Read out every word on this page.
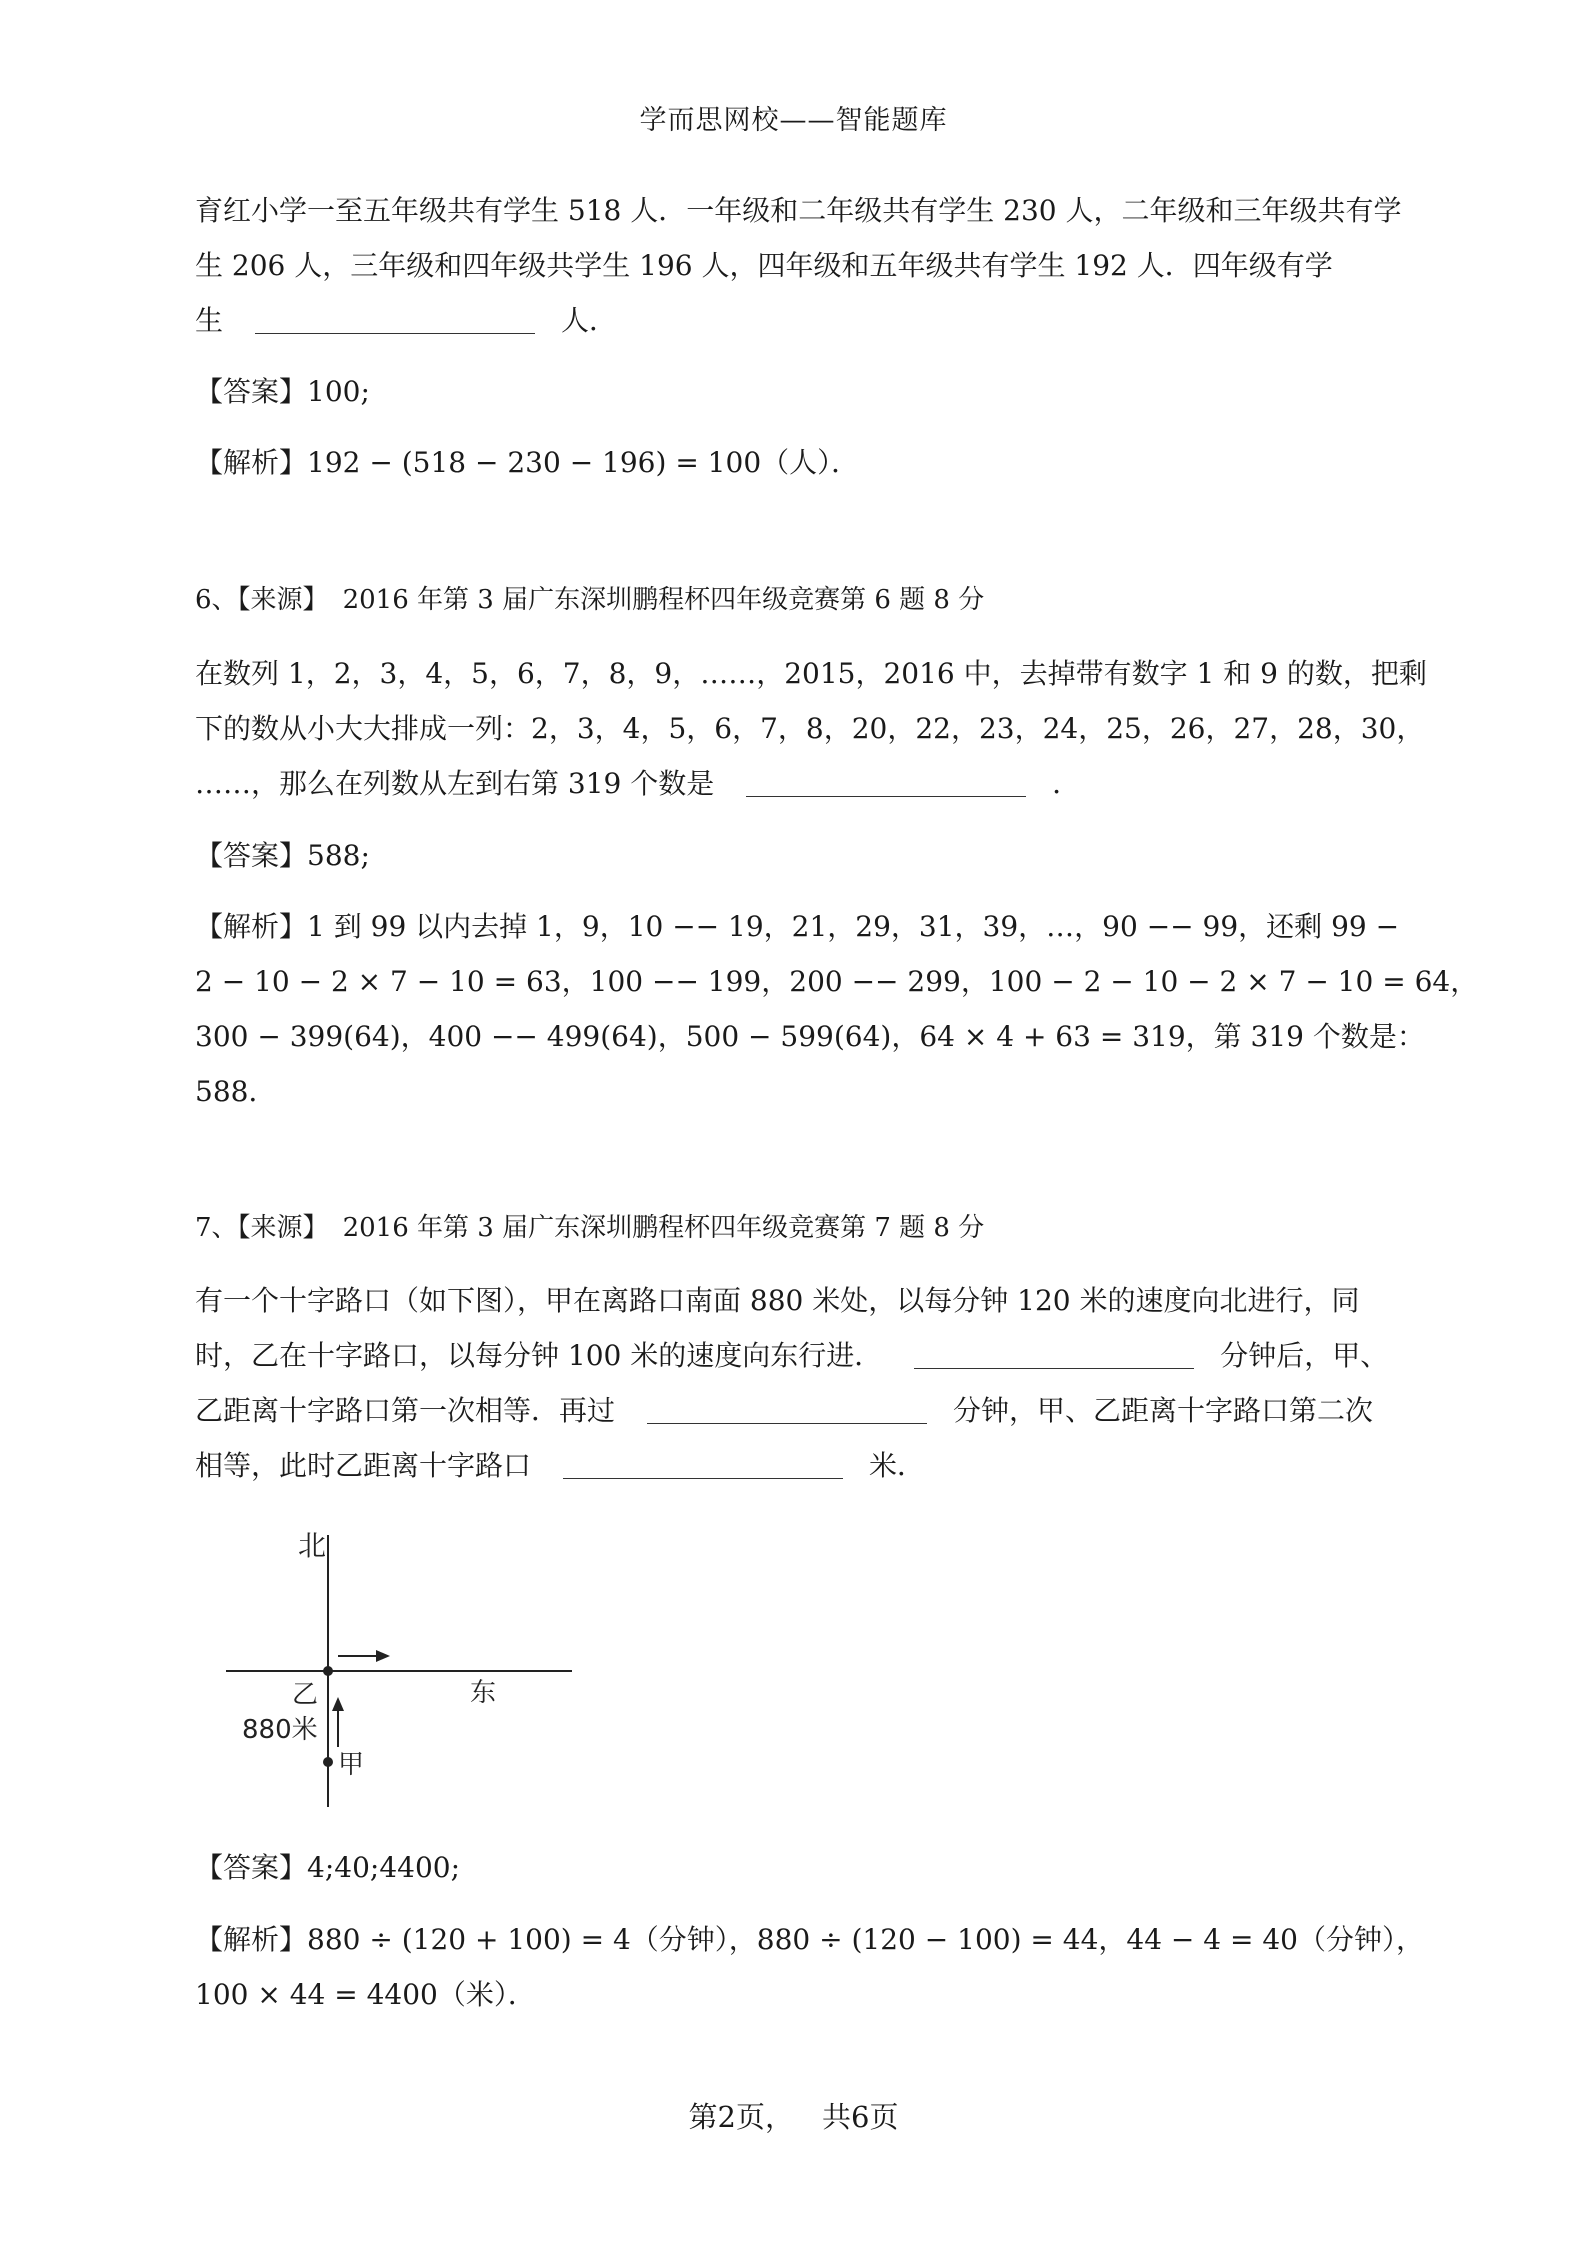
学而思网校——智能题库
育红小学一至五年级共有学生 518 人．一年级和二年级共有学生 230 人，二年级和三年级共有学
生 206 人，三年级和四年级共学生 196 人，四年级和五年级共有学生 192 人．四年级有学
生	人．
【答案】100;
【解析】192 − (518 − 230 − 196) = 100（人）．
6、【来源】 2016 年第 3 届广东深圳鹏程杯四年级竞赛第 6 题 8 分
在数列 1，2，3，4，5，6，7，8，9，……，2015，2016 中，去掉带有数字 1 和 9 的数，把剩
下的数从小大大排成一列：2，3，4，5，6，7，8，20，22，23，24，25，26，27，28，30，
……，那么在列数从左到右第 319 个数是	．
【答案】588;
【解析】1 到 99 以内去掉 1，9，10 −− 19，21，29，31，39，…，90 −− 99，还剩 99 −
2 − 10 − 2 × 7 − 10 = 63，100 −− 199，200 −− 299，100 − 2 − 10 − 2 × 7 − 10 = 64，
300 − 399(64)，400 −− 499(64)，500 − 599(64)，64 × 4 + 63 = 319，第 319 个数是：
588．
7、【来源】 2016 年第 3 届广东深圳鹏程杯四年级竞赛第 7 题 8 分
有一个十字路口（如下图），甲在离路口南面 880 米处，以每分钟 120 米的速度向北进行，同
时，乙在十字路口，以每分钟 100 米的速度向东行进．	分钟后，甲、
乙距离十字路口第一次相等．再过	分钟，甲、乙距离十字路口第二次
相等，此时乙距离十字路口	米．
【答案】4;40;4400;
【解析】880 ÷ (120 + 100) = 4（分钟），880 ÷ (120 − 100) = 44，44 − 4 = 40（分钟），
100 × 44 = 4400（米）．
北
东
乙
880米
甲
第2页， 共6页
